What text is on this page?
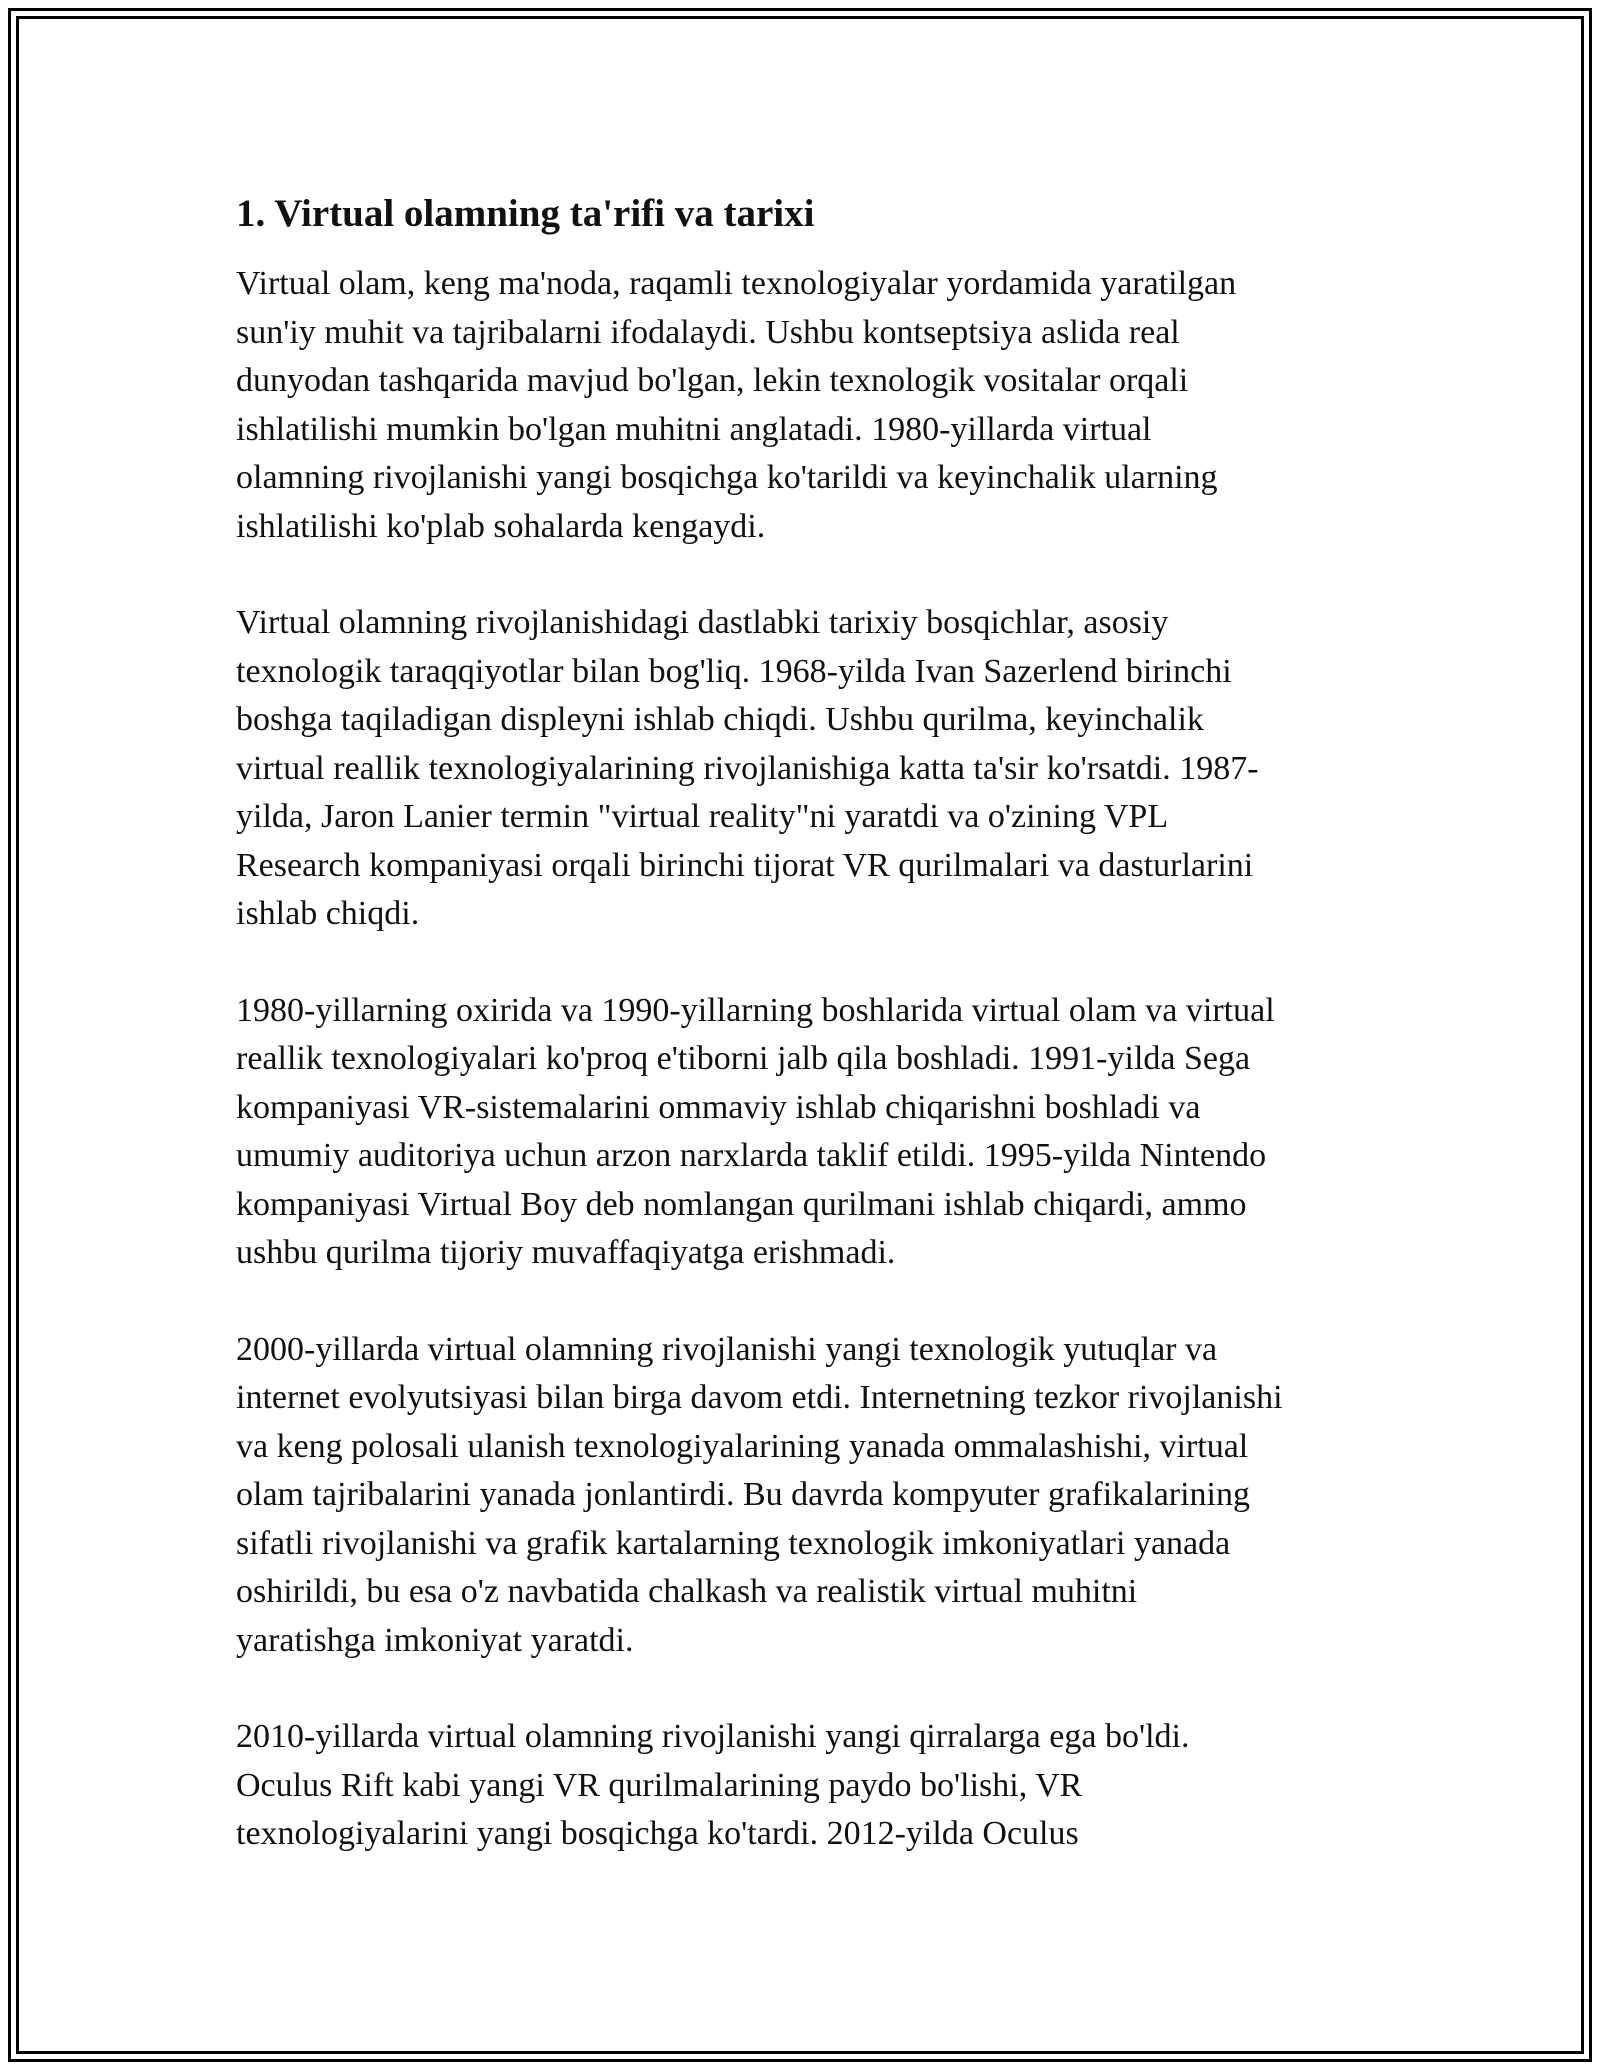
1. Virtual olamning ta'rifi va tarixi

Virtual olam, keng ma'noda, raqamli texnologiyalar yordamida yaratilgan
sun'iy muhit va tajribalarni ifodalaydi. Ushbu kontseptsiya aslida real
dunyodan tashqarida mavjud bo'lgan, lekin texnologik vositalar orqali
ishlatilishi mumkin bo'lgan muhitni anglatadi. 1980-yillarda virtual
olamning rivojlanishi yangi bosqichga ko'tarildi va keyinchalik ularning
ishlatilishi ko'plab sohalarda kengaydi.

Virtual olamning rivojlanishidagi dastlabki tarixiy bosqichlar, asosiy
texnologik taraqqiyotlar bilan bog'liq. 1968-yilda Ivan Sazerlend birinchi
boshga taqiladigan displeyni ishlab chiqdi. Ushbu qurilma, keyinchalik
virtual reallik texnologiyalarining rivojlanishiga katta ta'sir ko'rsatdi. 1987-
yilda, Jaron Lanier termin "virtual reality"ni yaratdi va o'zining VPL
Research kompaniyasi orqali birinchi tijorat VR qurilmalari va dasturlarini
ishlab chiqdi.

1980-yillarning oxirida va 1990-yillarning boshlarida virtual olam va virtual
reallik texnologiyalari ko'proq e'tiborni jalb qila boshladi. 1991-yilda Sega
kompaniyasi VR-sistemalarini ommaviy ishlab chiqarishni boshladi va
umumiy auditoriya uchun arzon narxlarda taklif etildi. 1995-yilda Nintendo
kompaniyasi Virtual Boy deb nomlangan qurilmani ishlab chiqardi, ammo
ushbu qurilma tijoriy muvaffaqiyatga erishmadi.

2000-yillarda virtual olamning rivojlanishi yangi texnologik yutuqlar va
internet evolyutsiyasi bilan birga davom etdi. Internetning tezkor rivojlanishi
va keng polosali ulanish texnologiyalarining yanada ommalashishi, virtual
olam tajribalarini yanada jonlantirdi. Bu davrda kompyuter grafikalarining
sifatli rivojlanishi va grafik kartalarning texnologik imkoniyatlari yanada
oshirildi, bu esa o'z navbatida chalkash va realistik virtual muhitni
yaratishga imkoniyat yaratdi.

2010-yillarda virtual olamning rivojlanishi yangi qirralarga ega bo'ldi.
Oculus Rift kabi yangi VR qurilmalarining paydo bo'lishi, VR
texnologiyalarini yangi bosqichga ko'tardi. 2012-yilda Oculus
